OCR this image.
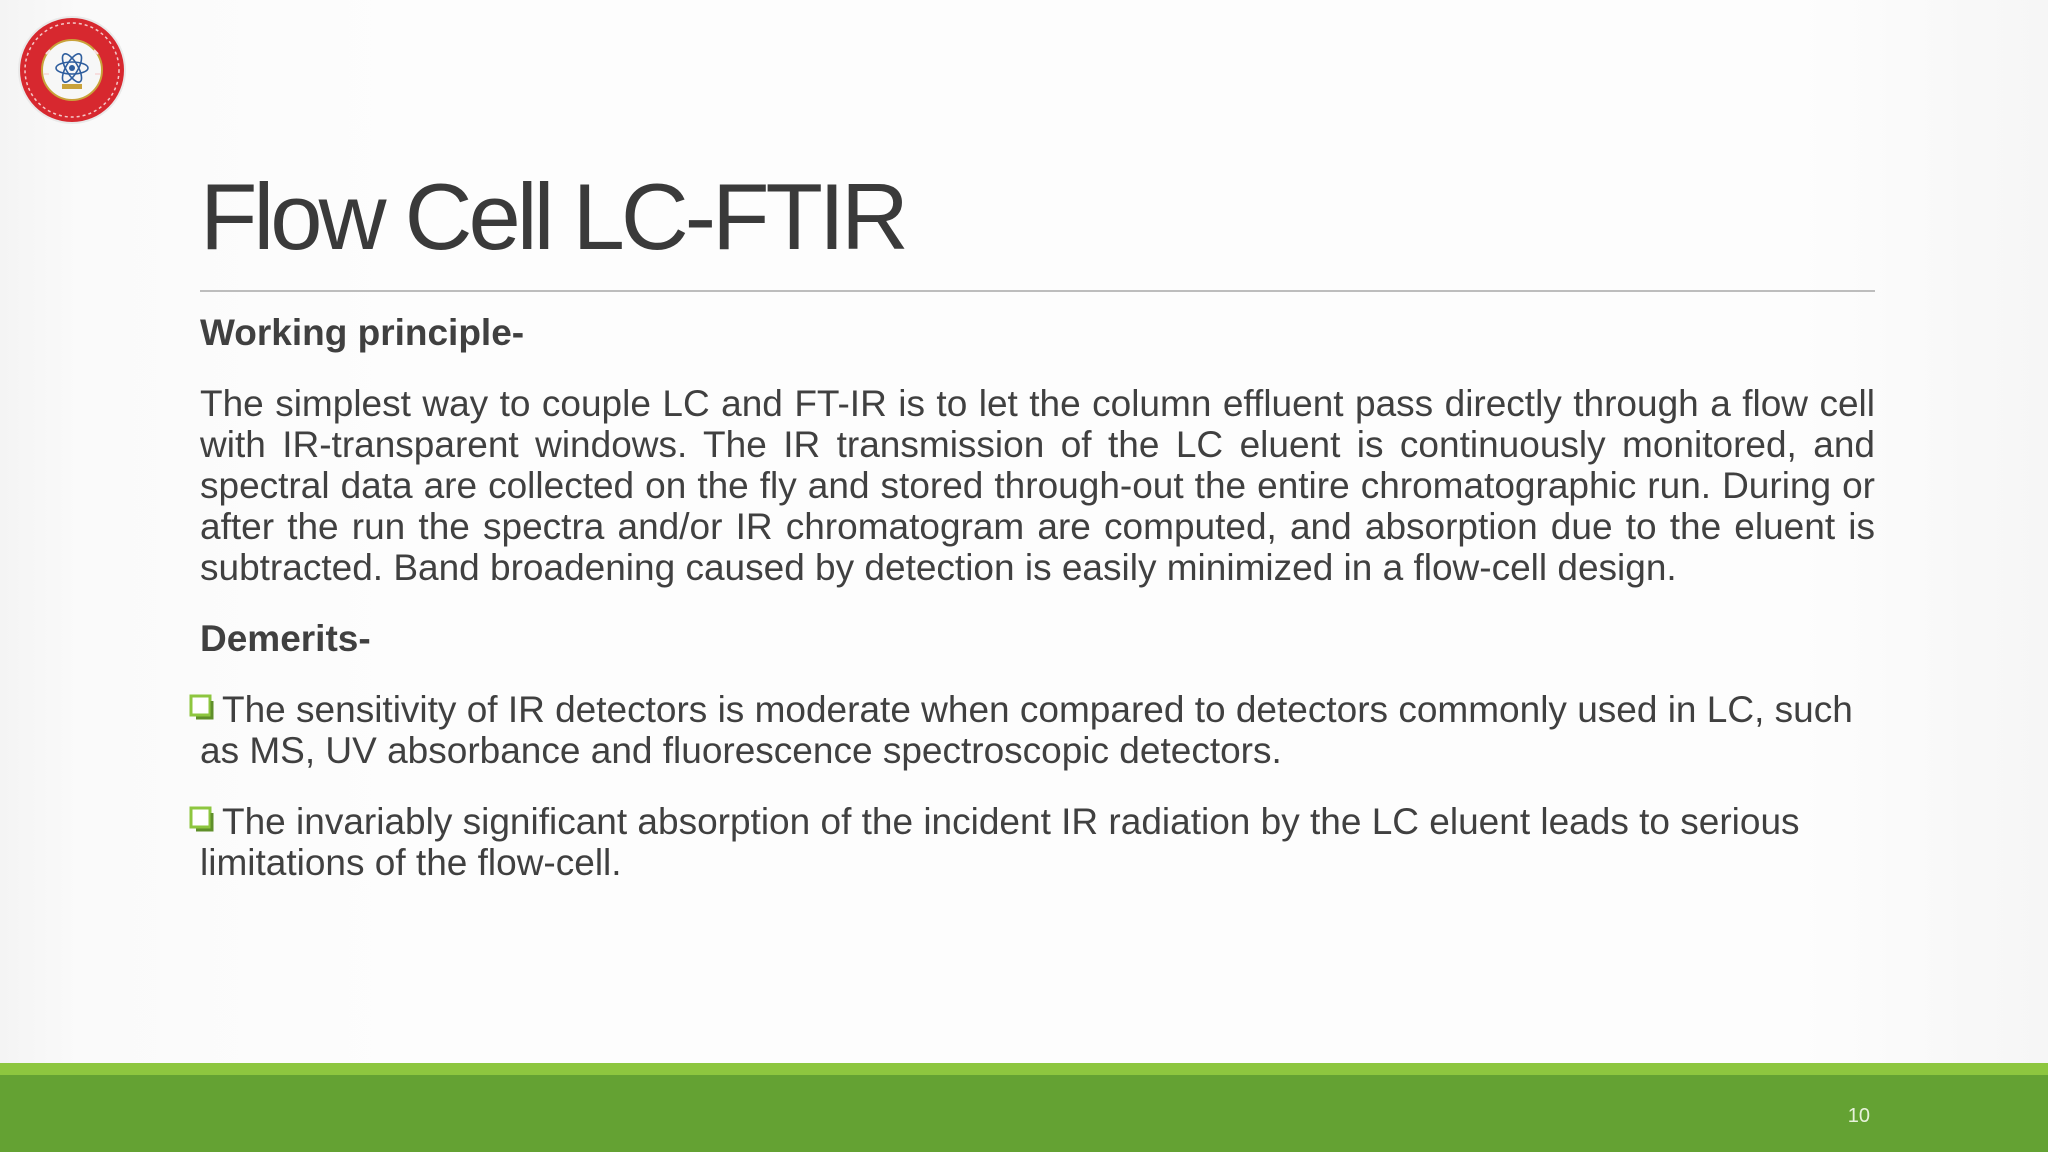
Flow Cell LC-FTIR
Working principle-

The simplest way to couple LC and FT-IR is to let the column effluent pass directly through a flow cell with IR-transparent windows. The IR transmission of the LC eluent is continuously monitored, and spectral data are collected on the fly and stored through-out the entire chromatographic run. During or after the run the spectra and/or IR chromatogram are computed, and absorption due to the eluent is subtracted. Band broadening caused by detection is easily minimized in a flow-cell design.

Demerits-
The sensitivity of IR detectors is moderate when compared to detectors commonly used in LC, such as MS, UV absorbance and fluorescence spectroscopic detectors.
The invariably significant absorption of the incident IR radiation by the LC eluent leads to serious limitations of the flow-cell.
10
